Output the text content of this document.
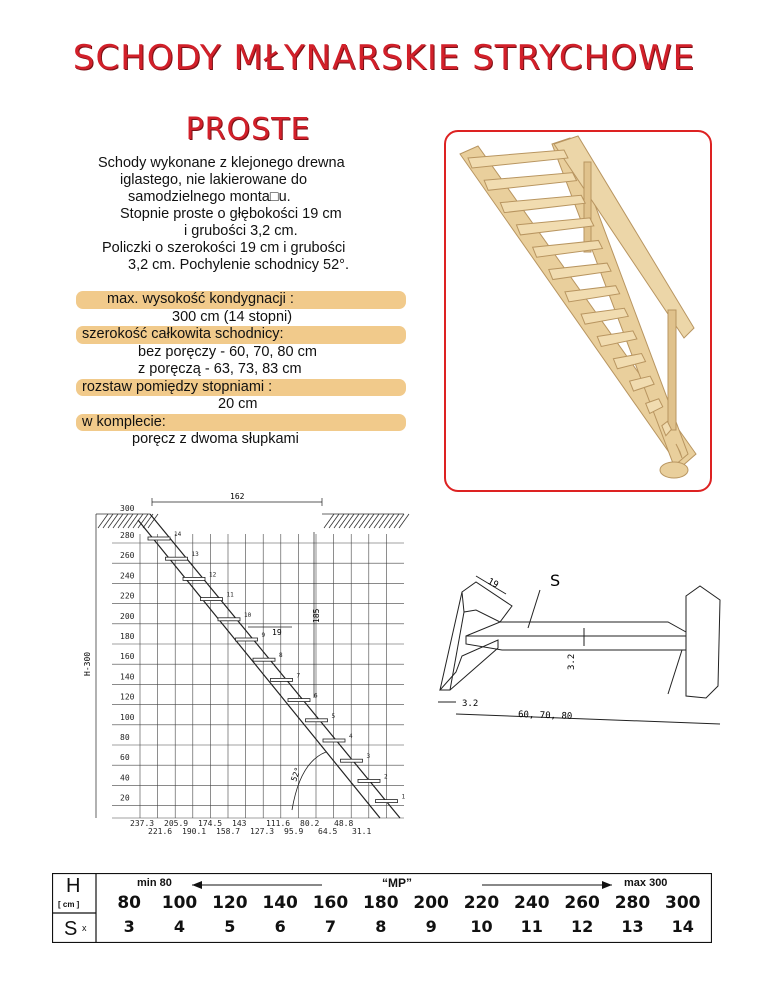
SCHODY MŁYNARSKIE STRYCHOWE
PROSTE
Schody wykonane z klejonego drewna
iglastego, nie lakierowane do
samodzielnego monta□u.
Stopnie proste o głębokości 19 cm
i grubości 3,2 cm.
Policzki o szerokości 19 cm i grubości
3,2 cm. Pochylenie schodnicy 52°.
max. wysokość kondygnacji :
300 cm (14 stopni)
szerokość całkowita schodnicy:
bez poręczy - 60, 70, 80 cm
z poręczą - 63, 73, 83 cm
rozstaw pomiędzy stopniami :
20 cm
w komplecie:
poręcz z dwoma słupkami
300
280
260
240
220
200
180
160
140
120
100
80
60
40
20
14
13
12
11
10
9
8
7
6
5
4
3
2
1
237.3 205.9 174.5 143 111.6 80.2 48.8
221.6 190.1 158.7 127.3 95.9 64.5 31.1
162
H-300
185
19
52°
S
19
3.2
3.2
60, 70, 80
H
[ cm ]
S x
min 80	“MP”	max 300
80	100 120 140 160 180 200 220 240 260 280 300
3	4	5	6	7	8	9	10	11	12	13	14
